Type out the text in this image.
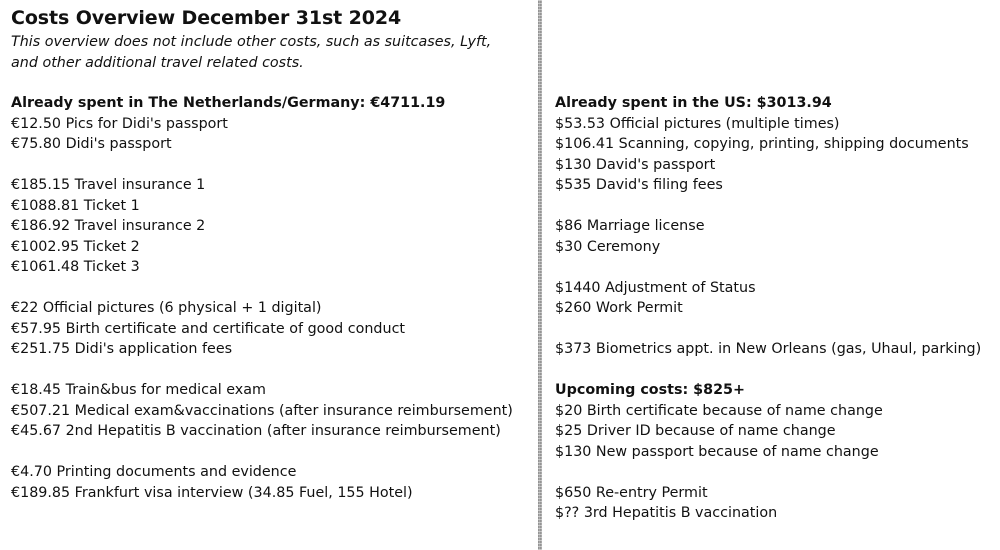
Costs Overview December 31st 2024
This overview does not include other costs, such as suitcases, Lyft,
and other additional travel related costs.
Already spent in The Netherlands/Germany: €4711.19
€12.50 Pics for Didi's passport
€75.80 Didi's passport
€185.15 Travel insurance 1
€1088.81 Ticket 1
€186.92 Travel insurance 2
€1002.95 Ticket 2
€1061.48 Ticket 3
€22 Official pictures (6 physical + 1 digital)
€57.95 Birth certificate and certificate of good conduct
€251.75 Didi's application fees
€18.45 Train&bus for medical exam
€507.21 Medical exam&vaccinations (after insurance reimbursement)
€45.67 2nd Hepatitis B vaccination (after insurance reimbursement)
€4.70 Printing documents and evidence
€189.85 Frankfurt visa interview (34.85 Fuel, 155 Hotel)
Already spent in the US: $3013.94
$53.53 Official pictures (multiple times)
$106.41 Scanning, copying, printing, shipping documents
$130 David's passport
$535 David's filing fees
$86 Marriage license
$30 Ceremony
$1440 Adjustment of Status
$260 Work Permit
$373 Biometrics appt. in New Orleans (gas, Uhaul, parking)
Upcoming costs: $825+
$20 Birth certificate because of name change
$25 Driver ID because of name change
$130 New passport because of name change
$650 Re-entry Permit
$?? 3rd Hepatitis B vaccination
